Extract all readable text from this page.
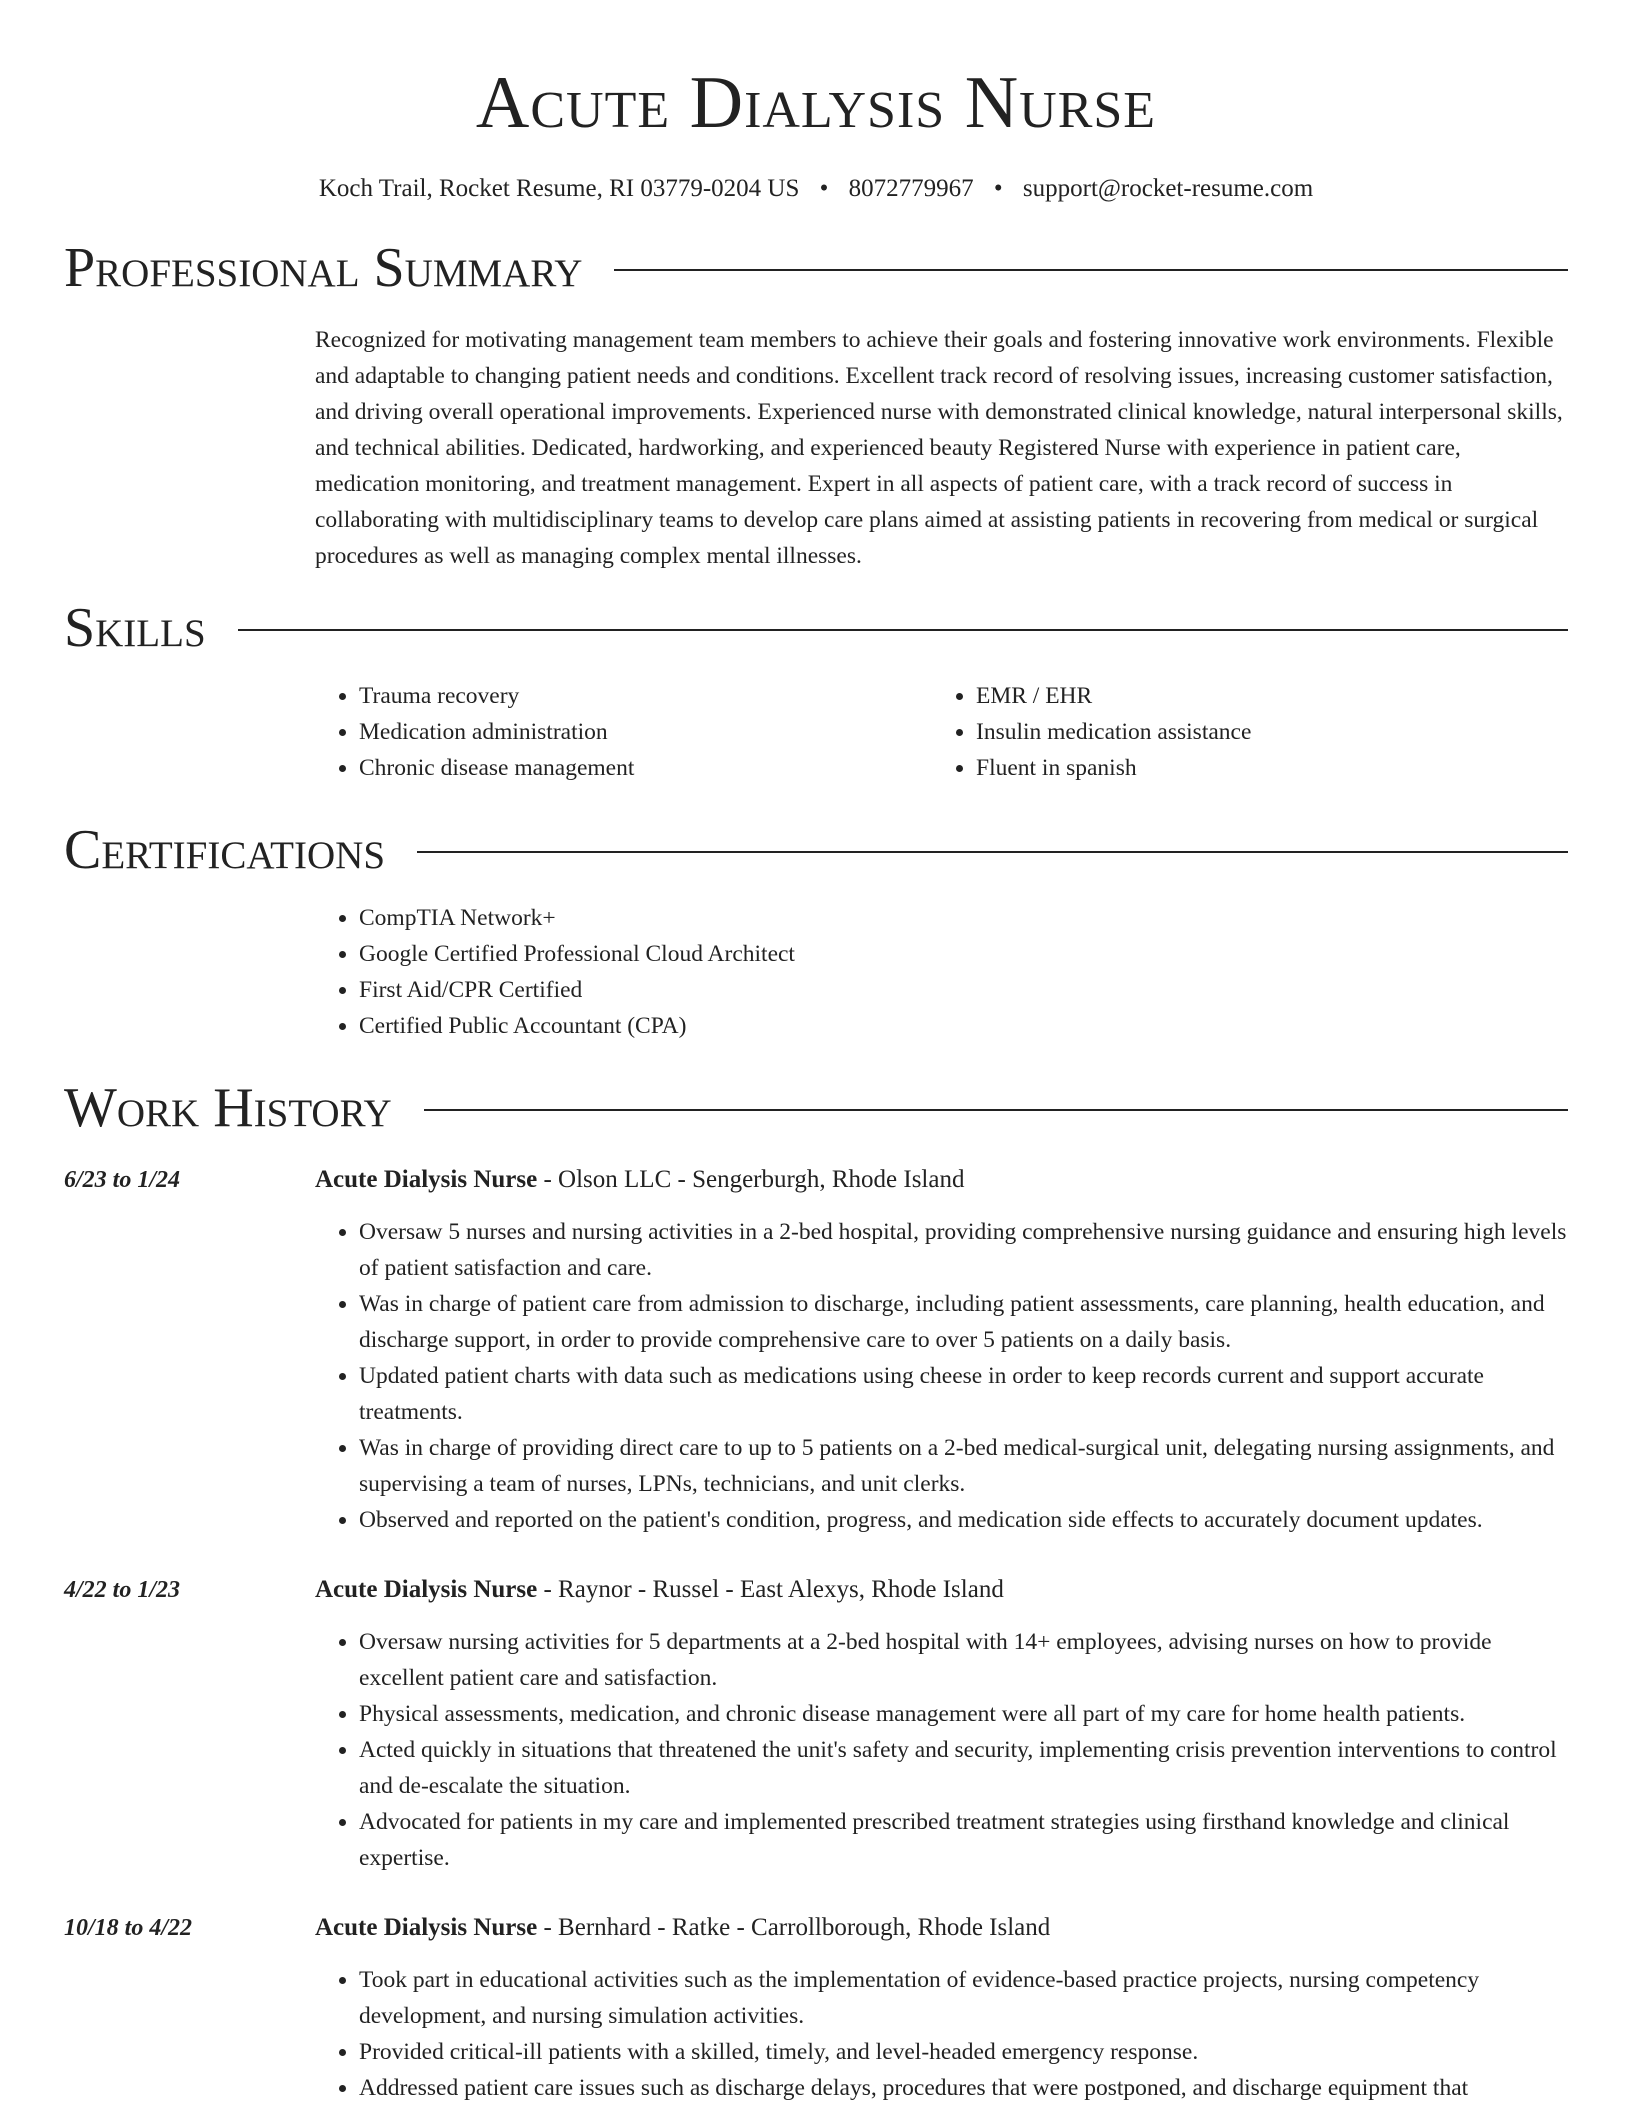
Acute Dialysis Nurse
Koch Trail, Rocket Resume, RI 03779-0204 US • 8072779967 • support@rocket-resume.com
Professional Summary

Recognized for motivating management team members to achieve their goals and fostering innovative work environments. Flexible and adaptable to changing patient needs and conditions. Excellent track record of resolving issues, increasing customer satisfaction, and driving overall operational improvements. Experienced nurse with demonstrated clinical knowledge, natural interpersonal skills, and technical abilities. Dedicated, hardworking, and experienced beauty Registered Nurse with experience in patient care, medication monitoring, and treatment management. Expert in all aspects of patient care, with a track record of success in collaborating with multidisciplinary teams to develop care plans aimed at assisting patients in recovering from medical or surgical procedures as well as managing complex mental illnesses.

Skills
• Trauma recovery
• Medication administration
• Chronic disease management
• EMR / EHR
• Insulin medication assistance
• Fluent in spanish
Certifications
• CompTIA Network+
• Google Certified Professional Cloud Architect
• First Aid/CPR Certified
• Certified Public Accountant (CPA)
Work History
6/23 to 1/24	Acute Dialysis Nurse - Olson LLC - Sengerburgh, Rhode Island
• Oversaw 5 nurses and nursing activities in a 2-bed hospital, providing comprehensive nursing guidance and ensuring high levels of patient satisfaction and care.
• Was in charge of patient care from admission to discharge, including patient assessments, care planning, health education, and discharge support, in order to provide comprehensive care to over 5 patients on a daily basis.
• Updated patient charts with data such as medications using cheese in order to keep records current and support accurate treatments.
• Was in charge of providing direct care to up to 5 patients on a 2-bed medical-surgical unit, delegating nursing assignments, and supervising a team of nurses, LPNs, technicians, and unit clerks.
• Observed and reported on the patient's condition, progress, and medication side effects to accurately document updates.
4/22 to 1/23	Acute Dialysis Nurse - Raynor - Russel - East Alexys, Rhode Island
• Oversaw nursing activities for 5 departments at a 2-bed hospital with 14+ employees, advising nurses on how to provide excellent patient care and satisfaction.
• Physical assessments, medication, and chronic disease management were all part of my care for home health patients.
• Acted quickly in situations that threatened the unit's safety and security, implementing crisis prevention interventions to control and de-escalate the situation.
• Advocated for patients in my care and implemented prescribed treatment strategies using firsthand knowledge and clinical expertise.
10/18 to 4/22	Acute Dialysis Nurse - Bernhard - Ratke - Carrollborough, Rhode Island
• Took part in educational activities such as the implementation of evidence-based practice projects, nursing competency development, and nursing simulation activities.
• Provided critical-ill patients with a skilled, timely, and level-headed emergency response.
• Addressed patient care issues such as discharge delays, procedures that were postponed, and discharge equipment that
